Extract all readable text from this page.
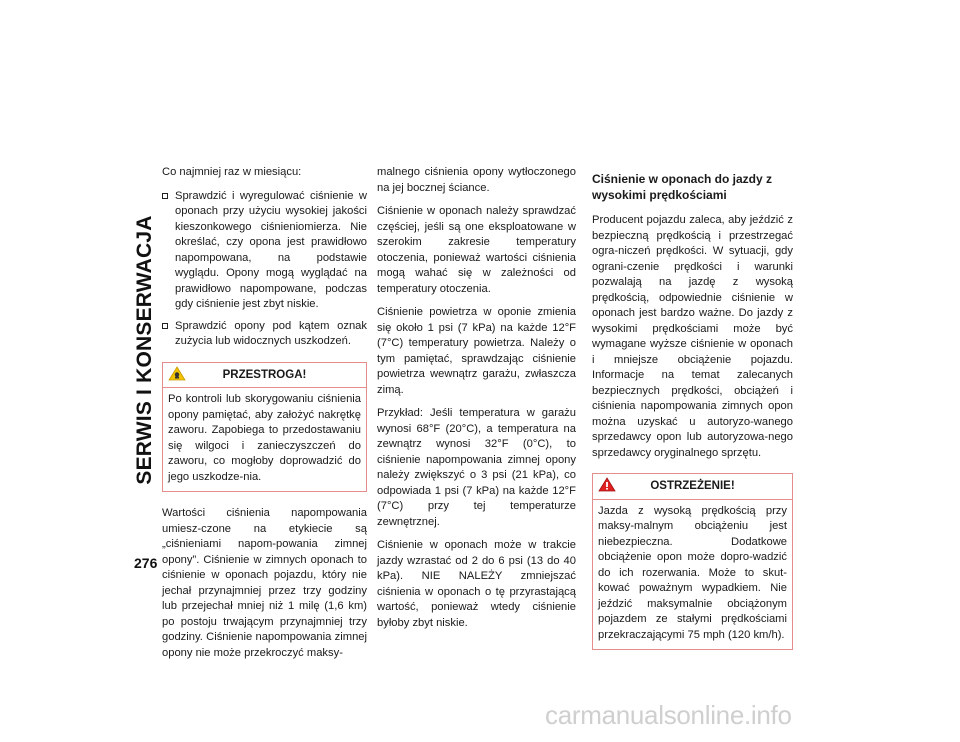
SERWIS I KONSERWACJA
276

Co najmniej raz w miesiącu:

Sprawdzić i wyregulować ciśnienie w oponach przy użyciu wysokiej jakości kieszonkowego ciśnieniomierza. Nie określać, czy opona jest prawidłowo napompowana, na podstawie wyglądu. Opony mogą wyglądać na prawidłowo napompowane, podczas gdy ciśnienie jest zbyt niskie.
Sprawdzić opony pod kątem oznak zużycia lub widocznych uszkodzeń.
PRZESTROGA!
Po kontroli lub skorygowaniu ciśnienia opony pamiętać, aby założyć nakrętkę zaworu. Zapobiega to przedostawaniu się wilgoci i zanieczyszczeń do zaworu, co mogłoby doprowadzić do jego uszkodze-nia.

Wartości ciśnienia napompowania umiesz-czone na etykiecie są „ciśnieniami napom-powania zimnej opony”. Ciśnienie w zimnych oponach to ciśnienie w oponach pojazdu, który nie jechał przynajmniej przez trzy godziny lub przejechał mniej niż 1 milę (1,6 km) po postoju trwającym przynajmniej trzy godziny. Ciśnienie napompowania zimnej opony nie może przekroczyć maksy-

malnego ciśnienia opony wytłoczonego na jej bocznej ściance.

Ciśnienie w oponach należy sprawdzać częściej, jeśli są one eksploatowane w szerokim zakresie temperatury otoczenia, ponieważ wartości ciśnienia mogą wahać się w zależności od temperatury otoczenia.

Ciśnienie powietrza w oponie zmienia się około 1 psi (7 kPa) na każde 12°F (7°C) temperatury powietrza. Należy o tym pamiętać, sprawdzając ciśnienie powietrza wewnątrz garażu, zwłaszcza zimą.

Przykład: Jeśli temperatura w garażu wynosi 68°F (20°C), a temperatura na zewnątrz wynosi 32°F (0°C), to ciśnienie napompowania zimnej opony należy zwiększyć o 3 psi (21 kPa), co odpowiada 1 psi (7 kPa) na każde 12°F (7°C) przy tej temperaturze zewnętrznej.

Ciśnienie w oponach może w trakcie jazdy wzrastać od 2 do 6 psi (13 do 40 kPa). NIE NALEŻY zmniejszać ciśnienia w oponach o tę przyrastającą wartość, ponieważ wtedy ciśnienie byłoby zbyt niskie.

Ciśnienie w oponach do jazdy z wysokimi prędkościami

Producent pojazdu zaleca, aby jeździć z bezpieczną prędkością i przestrzegać ogra-niczeń prędkości. W sytuacji, gdy ograni-czenie prędkości i warunki pozwalają na jazdę z wysoką prędkością, odpowiednie ciśnienie w oponach jest bardzo ważne. Do jazdy z wysokimi prędkościami może być wymagane wyższe ciśnienie w oponach i mniejsze obciążenie pojazdu. Informacje na temat zalecanych bezpiecznych prędkości, obciążeń i ciśnienia napompowania zimnych opon można uzyskać u autoryzo-wanego sprzedawcy opon lub autoryzowa-nego sprzedawcy oryginalnego sprzętu.

OSTRZEŻENIE!
Jazda z wysoką prędkością przy maksy-malnym obciążeniu jest niebezpieczna. Dodatkowe obciążenie opon może dopro-wadzić do ich rozerwania. Może to skut-kować poważnym wypadkiem. Nie jeździć maksymalnie obciążonym pojazdem ze stałymi prędkościami przekraczającymi 75 mph (120 km/h).
carmanualsonline.info
